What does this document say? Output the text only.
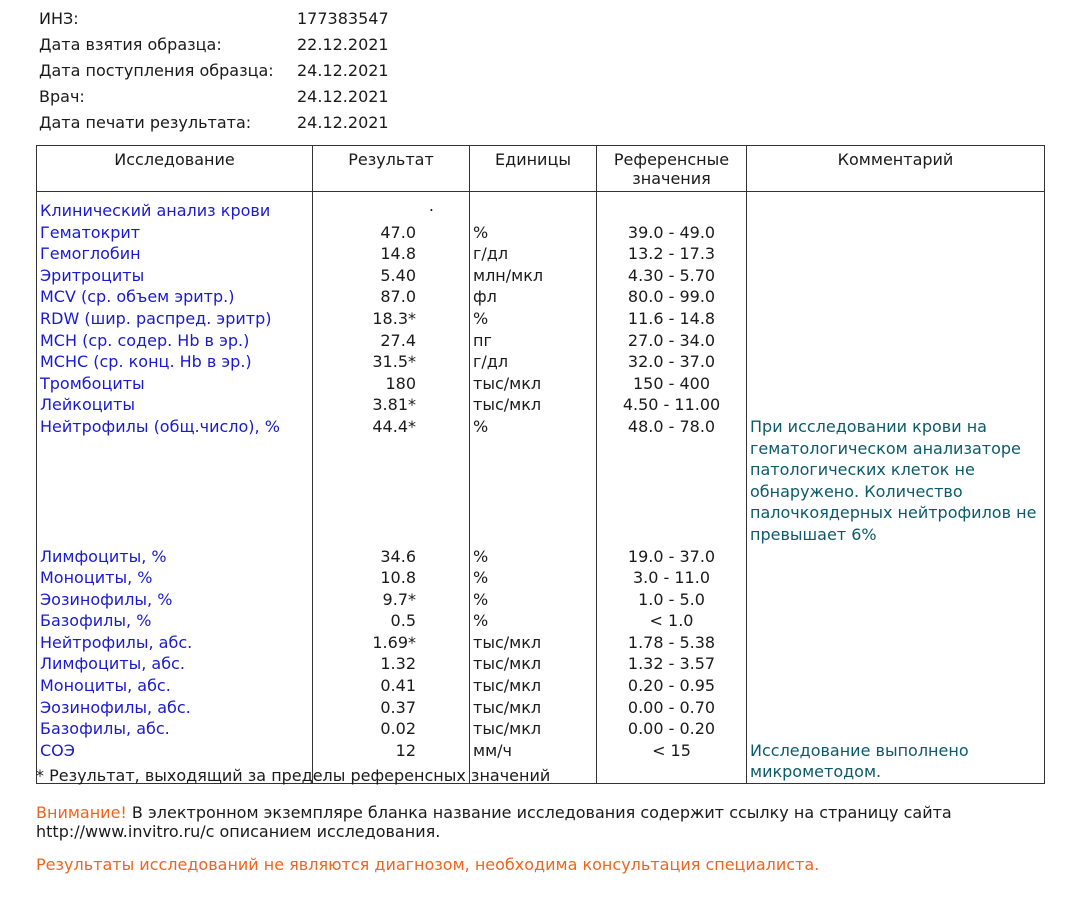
ИНЗ:	177383547
Дата взятия образца:	22.12.2021
Дата поступления образца:	24.12.2021
Врач:	24.12.2021
Дата печати результата:	24.12.2021
Исследование	Результат	Единицы	Референсные значения	Комментарий

Клинический анализ крови	.			

Гематокрит	47.0	%	39.0 - 49.0	
Гемоглобин	14.8	г/дл	13.2 - 17.3	
Эритроциты	5.40	млн/мкл	4.30 - 5.70	
MCV (ср. объем эритр.)	87.0	фл	80.0 - 99.0	
RDW (шир. распред. эритр)	18.3*	%	11.6 - 14.8	
MCH (ср. содер. Hb в эр.)	27.4	пг	27.0 - 34.0	
MCHC (ср. конц. Hb в эр.)	31.5*	г/дл	32.0 - 37.0	
Тромбоциты	180	тыс/мкл	150 - 400	
Лейкоциты	3.81*	тыс/мкл	4.50 - 11.00	
Нейтрофилы (общ.число), %	44.4*	%	48.0 - 78.0	При исследовании крови на гематологическом анализаторе патологических клеток не обнаружено. Количество палочкоядерных нейтрофилов не превышает 6%
Лимфоциты, %	34.6	%	19.0 - 37.0	
Моноциты, %	10.8	%	3.0 - 11.0	
Эозинофилы, %	9.7*	%	1.0 - 5.0	
Базофилы, %	0.5	%	< 1.0	
Нейтрофилы, абс.	1.69*	тыс/мкл	1.78 - 5.38	
Лимфоциты, абс.	1.32	тыс/мкл	1.32 - 3.57	
Моноциты, абс.	0.41	тыс/мкл	0.20 - 0.95	
Эозинофилы, абс.	0.37	тыс/мкл	0.00 - 0.70	
Базофилы, абс.	0.02	тыс/мкл	0.00 - 0.20	
СОЭ	12	мм/ч	< 15	Исследование выполнено микрометодом.
* Результат, выходящий за пределы референсных значений
Внимание! В электронном экземпляре бланка название исследования содержит ссылку на страницу сайта
http://www.invitro.ru/с описанием исследования.
Результаты исследований не являются диагнозом, необходима консультация специалиста.
